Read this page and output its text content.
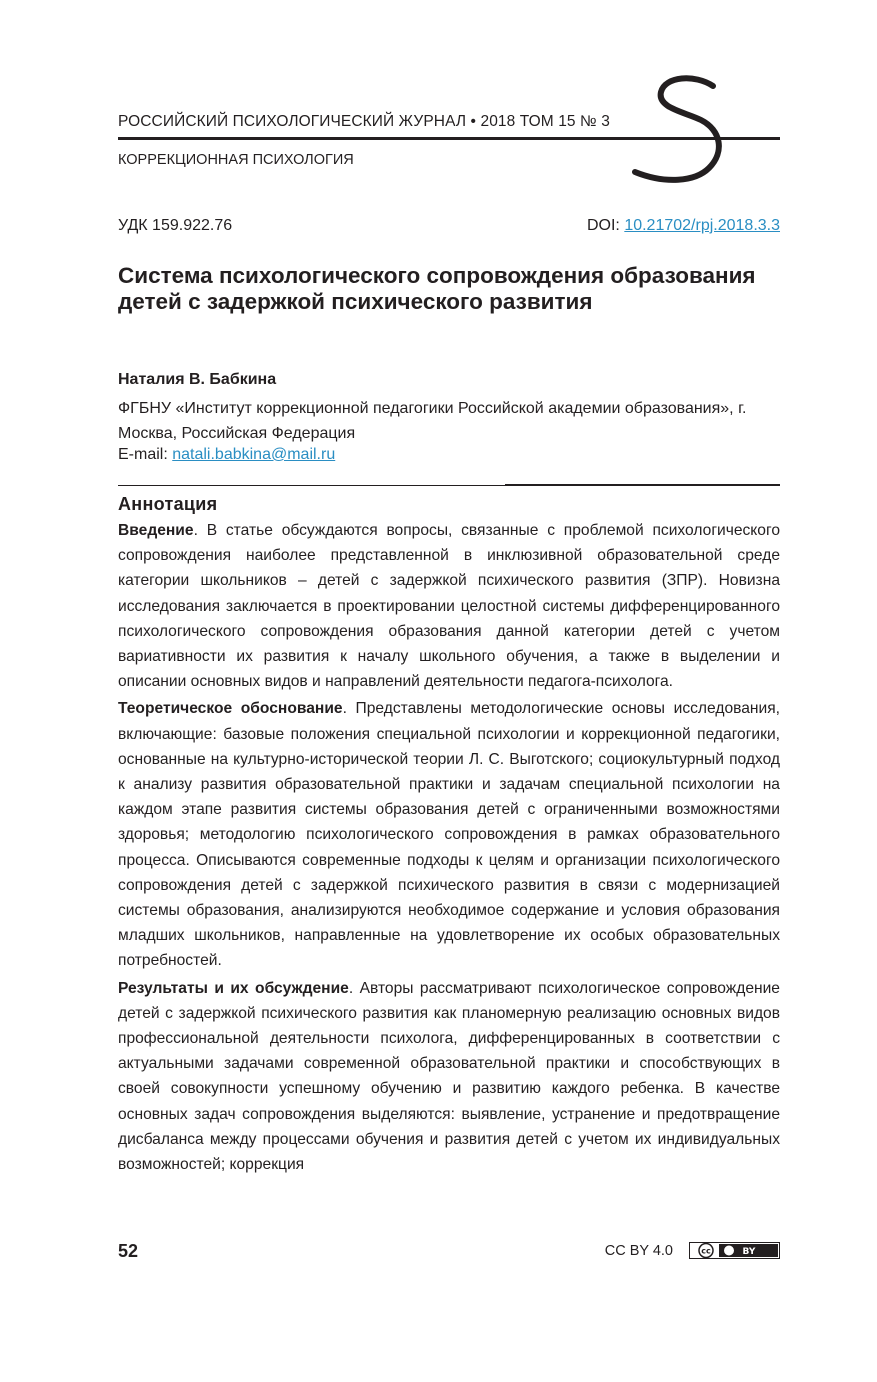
РОССИЙСКИЙ ПСИХОЛОГИЧЕСКИЙ ЖУРНАЛ • 2018 ТОМ 15 № 3
КОРРЕКЦИОННАЯ ПСИХОЛОГИЯ
УДК 159.922.76	DOI: 10.21702/rpj.2018.3.3
Система психологического сопровождения образования детей с задержкой психического развития
Наталия В. Бабкина
ФГБНУ «Институт коррекционной педагогики Российской академии образования», г. Москва, Российская Федерация
E-mail: natali.babkina@mail.ru
Аннотация

Введение. В статье обсуждаются вопросы, связанные с проблемой психологического сопровождения наиболее представленной в инклюзивной образовательной среде категории школьников – детей с задержкой психического развития (ЗПР). Новизна исследования заключается в проектировании целостной системы дифференцированного психологического сопровождения образования данной категории детей с учетом вариативности их развития к началу школьного обучения, а также в выделении и описании основных видов и направлений деятельности педагога-психолога.

Теоретическое обоснование. Представлены методологические основы исследования, включающие: базовые положения специальной психологии и коррекционной педагогики, основанные на культурно-исторической теории Л. С. Выготского; социокультурный подход к анализу развития образовательной практики и задачам специальной психологии на каждом этапе развития системы образования детей с ограниченными возможностями здоровья; методологию психологического сопровождения в рамках образовательного процесса. Описываются современные подходы к целям и организации психологического сопровождения детей с задержкой психического развития в связи с модернизацией системы образования, анализируются необходимое содержание и условия образования младших школьников, направленные на удовлетворение их особых образовательных потребностей.

Результаты и их обсуждение. Авторы рассматривают психологическое сопровождение детей с задержкой психического развития как планомерную реализацию основных видов профессиональной деятельности психолога, дифференцированных в соответствии с актуальными задачами современной образовательной практики и способствующих в своей совокупности успешному обучению и развитию каждого ребенка. В качестве основных задач сопровождения выделяются: выявление, устранение и предотвращение дисбаланса между процессами обучения и развития детей с учетом их индивидуальных возможностей; коррекция

52	CC BY 4.0	cc	BY
